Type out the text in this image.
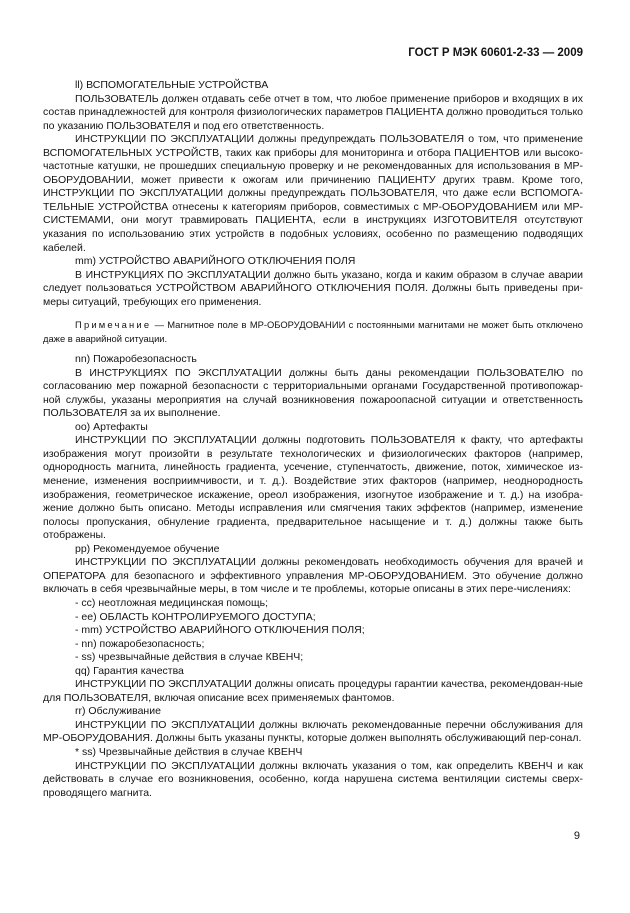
ГОСТ Р МЭК 60601-2-33 — 2009

ll) ВСПОМОГАТЕЛЬНЫЕ УСТРОЙСТВА

ПОЛЬЗОВАТЕЛЬ должен отдавать себе отчет в том, что любое применение приборов и входящих в их состав принадлежностей для контроля физиологических параметров ПАЦИЕНТА должно проводиться только по указанию ПОЛЬЗОВАТЕЛЯ и под его ответственность.

ИНСТРУКЦИИ ПО ЭКСПЛУАТАЦИИ должны предупреждать ПОЛЬЗОВАТЕЛЯ о том, что применение ВСПОМОГАТЕЛЬНЫХ УСТРОЙСТВ, таких как приборы для мониторинга и отбора ПАЦИЕНТОВ или высоко-частотные катушки, не прошедших специальную проверку и не рекомендованных для использования в МР-ОБОРУДОВАНИИ, может привести к ожогам или причинению ПАЦИЕНТУ других травм. Кроме того, ИНСТРУКЦИИ ПО ЭКСПЛУАТАЦИИ должны предупреждать ПОЛЬЗОВАТЕЛЯ, что даже если ВСПОМОГА-ТЕЛЬНЫЕ УСТРОЙСТВА отнесены к категориям приборов, совместимых с МР-ОБОРУДОВАНИЕМ или МР-СИСТЕМАМИ, они могут травмировать ПАЦИЕНТА, если в инструкциях ИЗГОТОВИТЕЛЯ отсутствуют указания по использованию этих устройств в подобных условиях, особенно по размещению подводящих кабелей.

mm) УСТРОЙСТВО АВАРИЙНОГО ОТКЛЮЧЕНИЯ ПОЛЯ

В ИНСТРУКЦИЯХ ПО ЭКСПЛУАТАЦИИ должно быть указано, когда и каким образом в случае аварии следует пользоваться УСТРОЙСТВОМ АВАРИЙНОГО ОТКЛЮЧЕНИЯ ПОЛЯ. Должны быть приведены при-меры ситуаций, требующих его применения.

Примечание — Магнитное поле в МР-ОБОРУДОВАНИИ с постоянными магнитами не может быть отключено даже в аварийной ситуации.

nn) Пожаробезопасность

В ИНСТРУКЦИЯХ ПО ЭКСПЛУАТАЦИИ должны быть даны рекомендации ПОЛЬЗОВАТЕЛЮ по согласованию мер пожарной безопасности с территориальными органами Государственной противопожар-ной службы, указаны мероприятия на случай возникновения пожароопасной ситуации и ответственность ПОЛЬЗОВАТЕЛЯ за их выполнение.

оо) Артефакты

ИНСТРУКЦИИ ПО ЭКСПЛУАТАЦИИ должны подготовить ПОЛЬЗОВАТЕЛЯ к факту, что артефакты изображения могут произойти в результате технологических и физиологических факторов (например, однородность магнита, линейность градиента, усечение, ступенчатость, движение, поток, химическое из-менение, изменения восприимчивости, и т. д.). Воздействие этих факторов (например, неоднородность изображения, геометрическое искажение, ореол изображения, изогнутое изображение и т. д.) на изобра-жение должно быть описано. Методы исправления или смягчения таких эффектов (например, изменение полосы пропускания, обнуление градиента, предварительное насыщение и т. д.) должны также быть отображены.

рр) Рекомендуемое обучение

ИНСТРУКЦИИ ПО ЭКСПЛУАТАЦИИ должны рекомендовать необходимость обучения для врачей и ОПЕРАТОРА для безопасного и эффективного управления МР-ОБОРУДОВАНИЕМ. Это обучение должно включать в себя чрезвычайные меры, в том числе и те проблемы, которые описаны в этих пере-числениях:

- сс) неотложная медицинская помощь;

- ее) ОБЛАСТЬ КОНТРОЛИРУЕМОГО ДОСТУПА;

- mm) УСТРОЙСТВО АВАРИЙНОГО ОТКЛЮЧЕНИЯ ПОЛЯ;

- nn) пожаробезопасность;

- ss) чрезвычайные действия в случае КВЕНЧ;

qq) Гарантия качества

ИНСТРУКЦИИ ПО ЭКСПЛУАТАЦИИ должны описать процедуры гарантии качества, рекомендован-ные для ПОЛЬЗОВАТЕЛЯ, включая описание всех применяемых фантомов.

rr) Обслуживание

ИНСТРУКЦИИ ПО ЭКСПЛУАТАЦИИ должны включать рекомендованные перечни обслуживания для МР-ОБОРУДОВАНИЯ. Должны быть указаны пункты, которые должен выполнять обслуживающий пер-сонал.

* ss) Чрезвычайные действия в случае КВЕНЧ

ИНСТРУКЦИИ ПО ЭКСПЛУАТАЦИИ должны включать указания о том, как определить КВЕНЧ и как действовать в случае его возникновения, особенно, когда нарушена система вентиляции системы сверх-проводящего магнита.

9
